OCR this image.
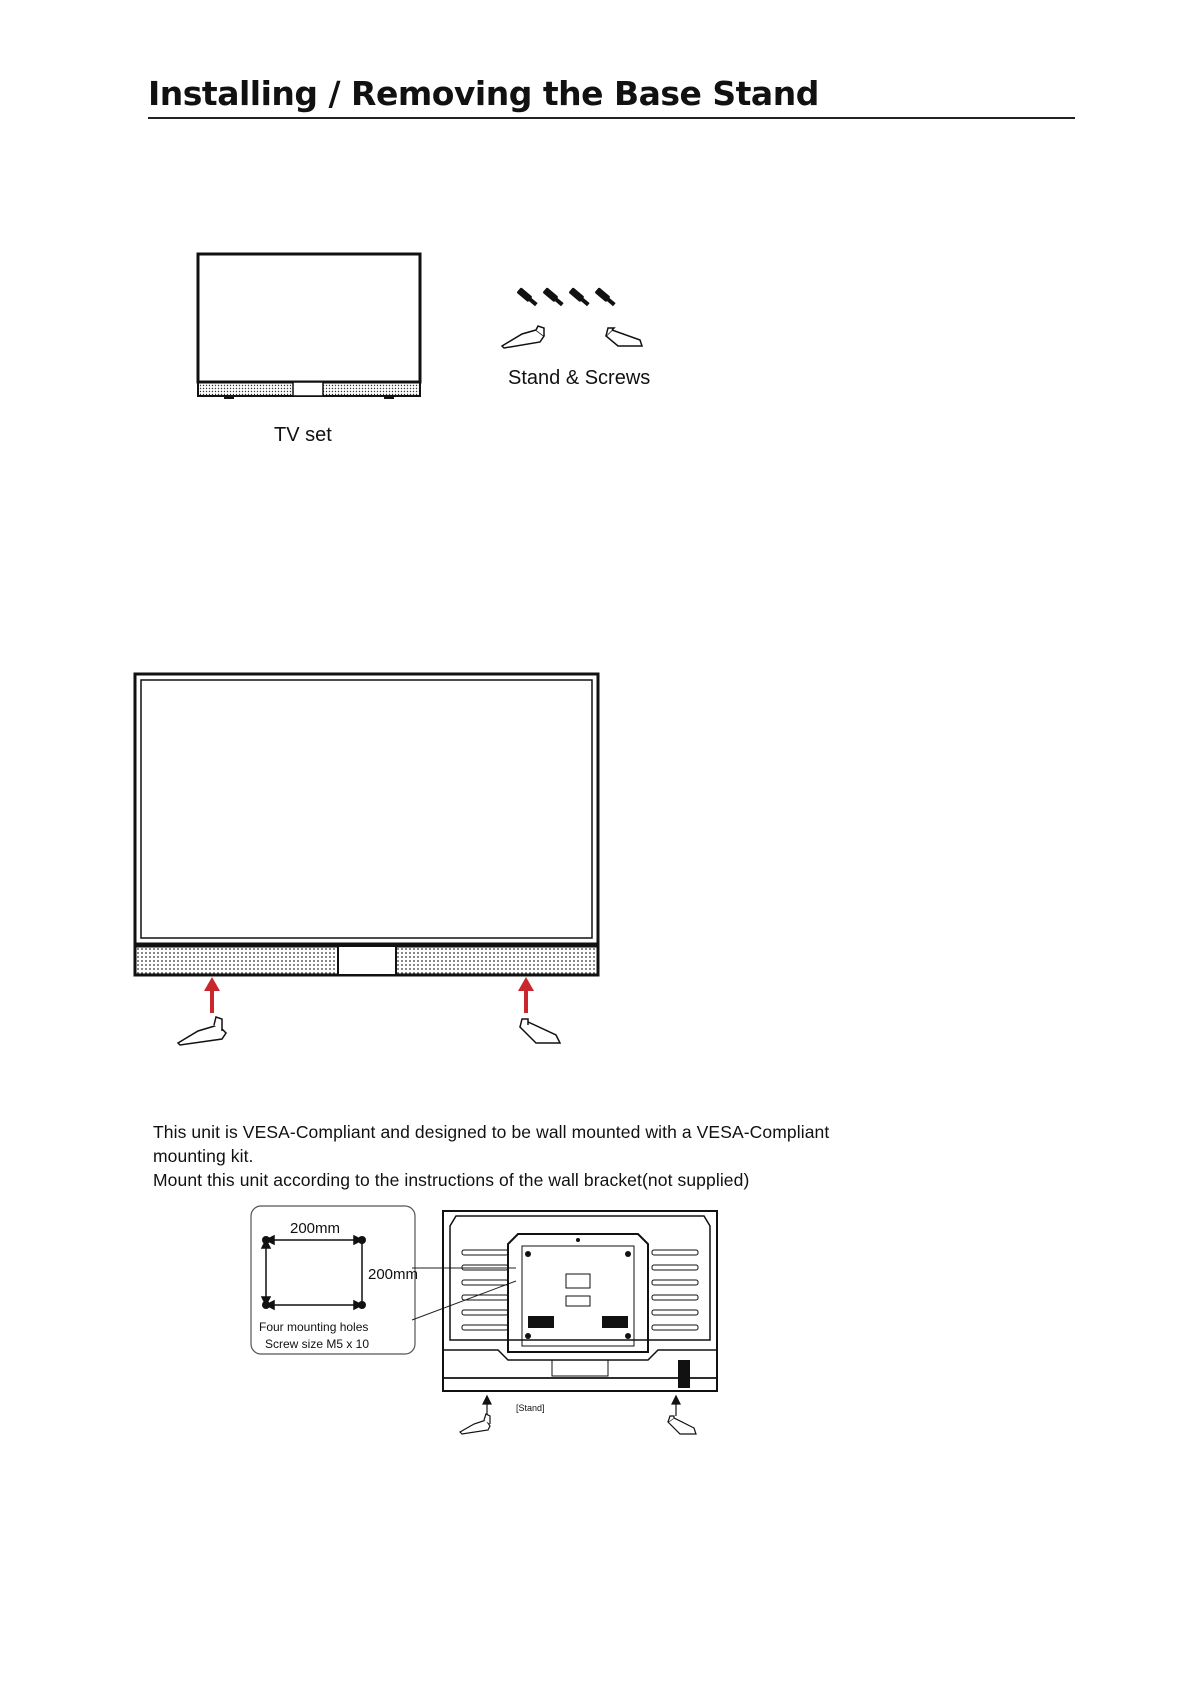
Installing / Removing the Base Stand
TV set
Stand & Screws
This unit is VESA-Compliant and designed to be wall mounted with a VESA-Compliant
mounting kit.
Mount this unit according to the instructions of the wall bracket(not supplied)
200mm
200mm
Four mounting holes
Screw size M5 x 10
[Stand]
